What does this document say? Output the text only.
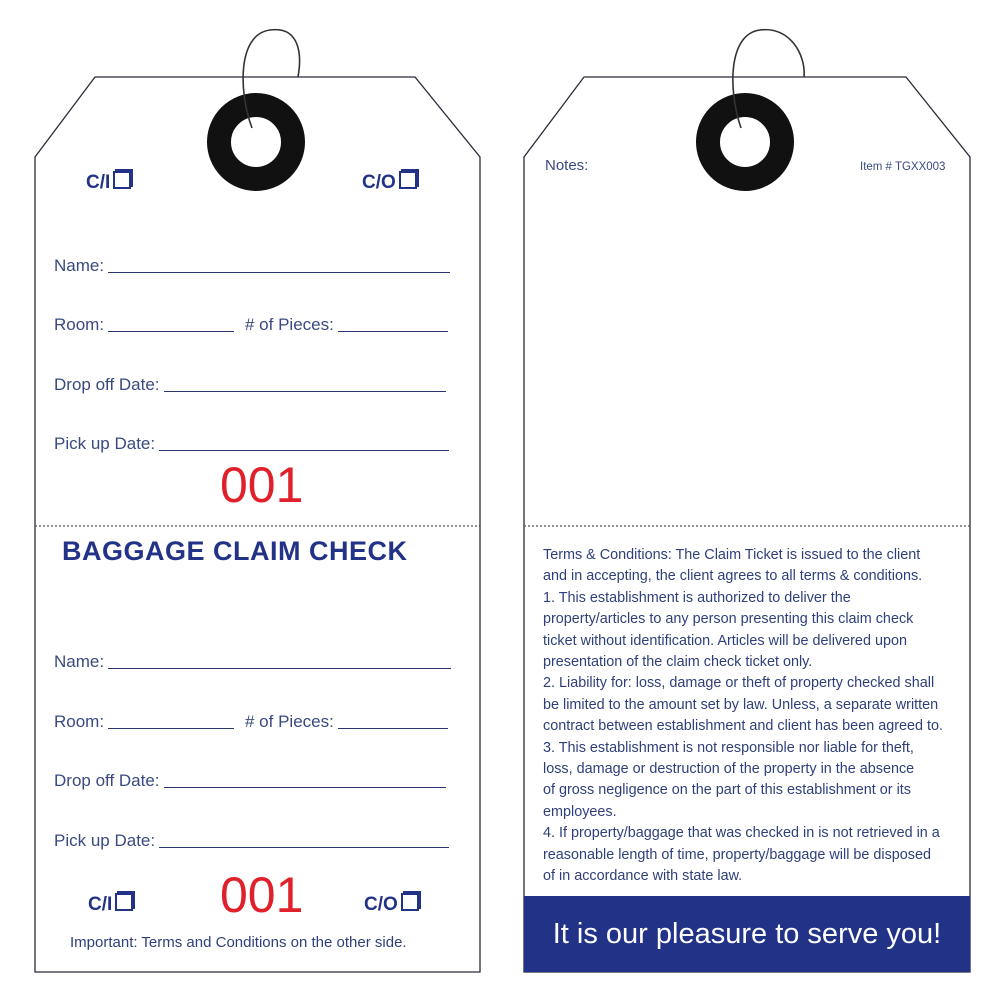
C/I	C/O
Name:
Room:	# of Pieces:
Drop off Date:
Pick up Date:
001
BAGGAGE CLAIM CHECK
Name:
Room:	# of Pieces:
Drop off Date:
Pick up Date:
C/I	001	C/O
Important: Terms and Conditions on the other side.
Notes:	Item # TGXX003
Terms & Conditions: The Claim Ticket is issued to the client
and in accepting, the client agrees to all terms & conditions.
1. This establishment is authorized to deliver the
property/articles to any person presenting this claim check
ticket without identification. Articles will be delivered upon
presentation of the claim check ticket only.
2. Liability for: loss, damage or theft of property checked shall
be limited to the amount set by law. Unless, a separate written
contract between establishment and client has been agreed to.
3. This establishment is not responsible nor liable for theft,
loss, damage or destruction of the property in the absence
of gross negligence on the part of this establishment or its
employees.
4. If property/baggage that was checked in is not retrieved in a
reasonable length of time, property/baggage will be disposed
of in accordance with state law.
It is our pleasure to serve you!
